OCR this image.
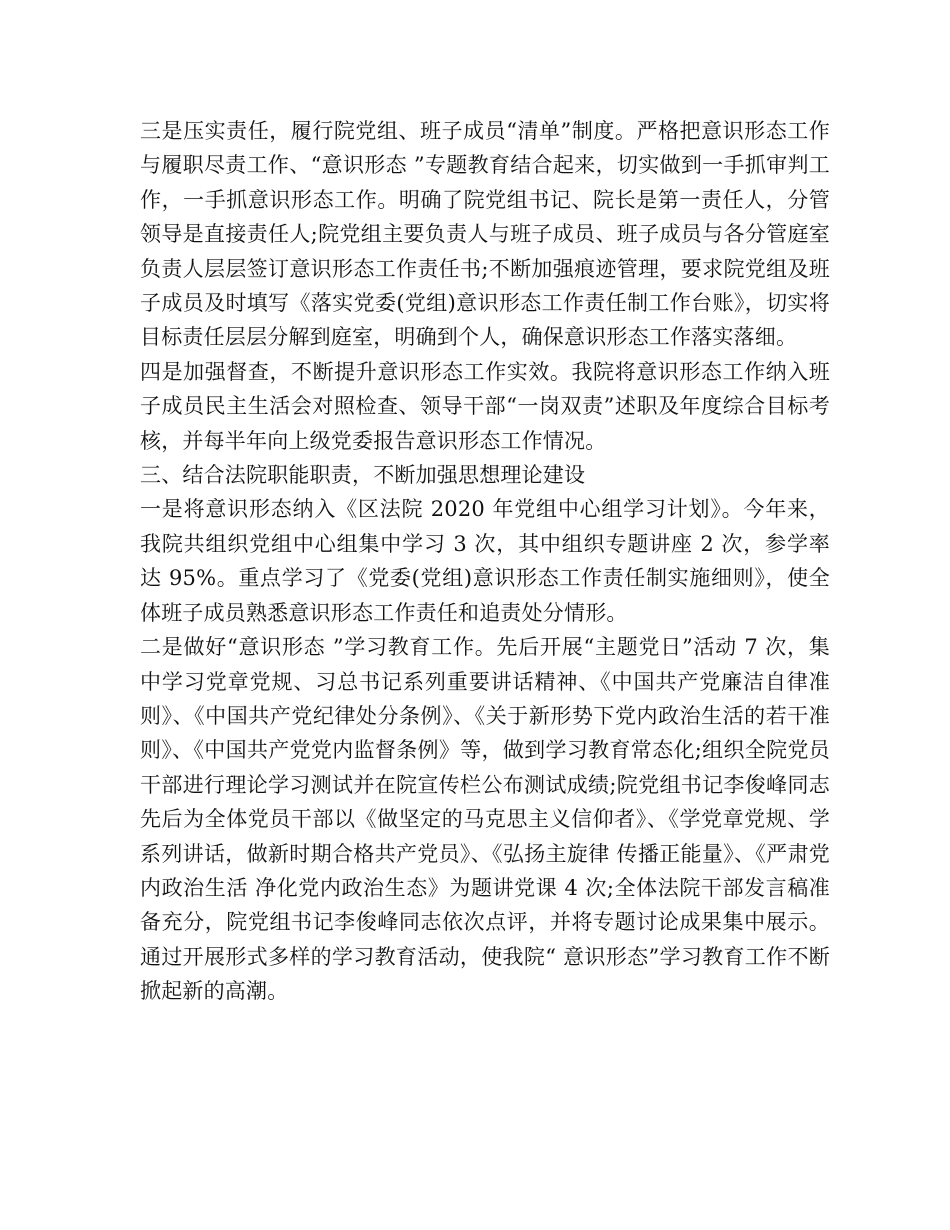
三是压实责任，履行院党组、班子成员“清单”制度。严格把意识形态工作与履职尽责工作、“意识形态 ”专题教育结合起来，切实做到一手抓审判工作，一手抓意识形态工作。明确了院党组书记、院长是第一责任人，分管领导是直接责任人;院党组主要负责人与班子成员、班子成员与各分管庭室负责人层层签订意识形态工作责任书;不断加强痕迹管理，要求院党组及班子成员及时填写《落实党委(党组)意识形态工作责任制工作台账》，切实将目标责任层层分解到庭室，明确到个人，确保意识形态工作落实落细。

四是加强督查，不断提升意识形态工作实效。我院将意识形态工作纳入班子成员民主生活会对照检查、领导干部“一岗双责”述职及年度综合目标考核，并每半年向上级党委报告意识形态工作情况。

三、结合法院职能职责，不断加强思想理论建设

一是将意识形态纳入《区法院 2020 年党组中心组学习计划》。今年来，我院共组织党组中心组集中学习 3 次，其中组织专题讲座 2 次，参学率达 95%。重点学习了《党委(党组)意识形态工作责任制实施细则》，使全体班子成员熟悉意识形态工作责任和追责处分情形。

二是做好“意识形态 ”学习教育工作。先后开展“主题党日”活动 7 次，集中学习党章党规、习总书记系列重要讲话精神、《中国共产党廉洁自律准则》、《中国共产党纪律处分条例》、《关于新形势下党内政治生活的若干准则》、《中国共产党党内监督条例》等，做到学习教育常态化;组织全院党员干部进行理论学习测试并在院宣传栏公布测试成绩;院党组书记李俊峰同志先后为全体党员干部以《做坚定的马克思主义信仰者》、《学党章党规、学系列讲话，做新时期合格共产党员》、《弘扬主旋律 传播正能量》、《严肃党内政治生活 净化党内政治生态》为题讲党课 4 次;全体法院干部发言稿准备充分，院党组书记李俊峰同志依次点评，并将专题讨论成果集中展示。通过开展形式多样的学习教育活动，使我院“ 意识形态”学习教育工作不断掀起新的高潮。
